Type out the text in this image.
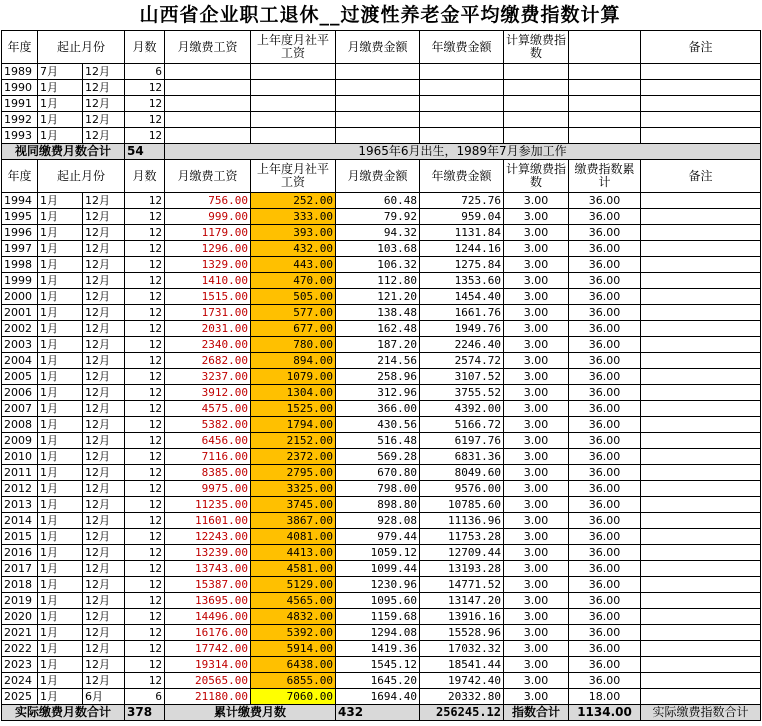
山西省企业职工退休__过渡性养老金平均缴费指数计算
年度	起止月份		月数	月缴费工资	上年度月社平工资	月缴费金额	年缴费金额	计算缴费指数		备注
1989	7月	12月	6							
1990	1月	12月	12							
1991	1月	12月	12							
1992	1月	12月	12							
1993	1月	12月	12							
视同缴费月数合计			54	1965年6月出生，1989年7月参加工作						
年度	起止月份		月数	月缴费工资	上年度月社平工资	月缴费金额	年缴费金额	计算缴费指数	缴费指数累计	备注
1994	1月	12月	12	756.00	252.00	60.48	725.76	3.00	36.00	
1995	1月	12月	12	999.00	333.00	79.92	959.04	3.00	36.00	
1996	1月	12月	12	1179.00	393.00	94.32	1131.84	3.00	36.00	
1997	1月	12月	12	1296.00	432.00	103.68	1244.16	3.00	36.00	
1998	1月	12月	12	1329.00	443.00	106.32	1275.84	3.00	36.00	
1999	1月	12月	12	1410.00	470.00	112.80	1353.60	3.00	36.00	
2000	1月	12月	12	1515.00	505.00	121.20	1454.40	3.00	36.00	
2001	1月	12月	12	1731.00	577.00	138.48	1661.76	3.00	36.00	
2002	1月	12月	12	2031.00	677.00	162.48	1949.76	3.00	36.00	
2003	1月	12月	12	2340.00	780.00	187.20	2246.40	3.00	36.00	
2004	1月	12月	12	2682.00	894.00	214.56	2574.72	3.00	36.00	
2005	1月	12月	12	3237.00	1079.00	258.96	3107.52	3.00	36.00	
2006	1月	12月	12	3912.00	1304.00	312.96	3755.52	3.00	36.00	
2007	1月	12月	12	4575.00	1525.00	366.00	4392.00	3.00	36.00	
2008	1月	12月	12	5382.00	1794.00	430.56	5166.72	3.00	36.00	
2009	1月	12月	12	6456.00	2152.00	516.48	6197.76	3.00	36.00	
2010	1月	12月	12	7116.00	2372.00	569.28	6831.36	3.00	36.00	
2011	1月	12月	12	8385.00	2795.00	670.80	8049.60	3.00	36.00	
2012	1月	12月	12	9975.00	3325.00	798.00	9576.00	3.00	36.00	
2013	1月	12月	12	11235.00	3745.00	898.80	10785.60	3.00	36.00	
2014	1月	12月	12	11601.00	3867.00	928.08	11136.96	3.00	36.00	
2015	1月	12月	12	12243.00	4081.00	979.44	11753.28	3.00	36.00	
2016	1月	12月	12	13239.00	4413.00	1059.12	12709.44	3.00	36.00	
2017	1月	12月	12	13743.00	4581.00	1099.44	13193.28	3.00	36.00	
2018	1月	12月	12	15387.00	5129.00	1230.96	14771.52	3.00	36.00	
2019	1月	12月	12	13695.00	4565.00	1095.60	13147.20	3.00	36.00	
2020	1月	12月	12	14496.00	4832.00	1159.68	13916.16	3.00	36.00	
2021	1月	12月	12	16176.00	5392.00	1294.08	15528.96	3.00	36.00	
2022	1月	12月	12	17742.00	5914.00	1419.36	17032.32	3.00	36.00	
2023	1月	12月	12	19314.00	6438.00	1545.12	18541.44	3.00	36.00	
2024	1月	12月	12	20565.00	6855.00	1645.20	19742.40	3.00	36.00	
2025	1月	6月	6	21180.00	7060.00	1694.40	20332.80	3.00	18.00	
实际缴费月数合计			378	累计缴费月数		432	256245.12	指数合计	1134.00	实际缴费指数合计
